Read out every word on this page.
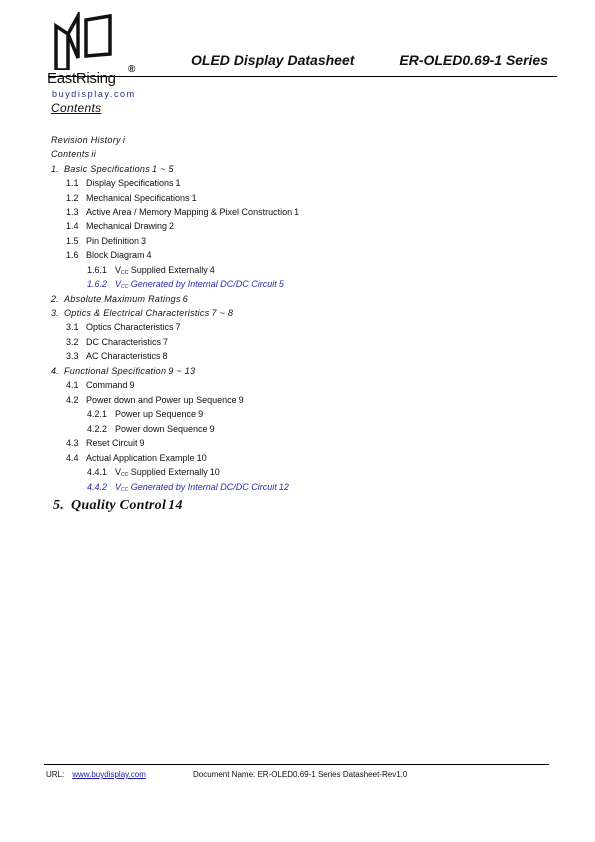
EastRising
®
buydisplay.com
OLED Display Datasheet	ER-OLED0.69-1 Series
Contents
Revision History i
Contents ii
1. Basic Specifications 1 ~ 5
1.1 Display Specifications 1
1.2 Mechanical Specifications 1
1.3 Active Area / Memory Mapping & Pixel Construction 1
1.4 Mechanical Drawing 2
1.5 Pin Definition 3
1.6 Block Diagram 4
1.6.1 $V_{CC}$ Supplied Externally 4
1.6.2 $V_{CC}$ Generated by Internal DC/DC Circuit 5
2. Absolute Maximum Ratings 6
3. Optics & Electrical Characteristics 7 ~ 8
3.1 Optics Characteristics 7
3.2 DC Characteristics 7
3.3 AC Characteristics 8
4. Functional Specification 9 ~ 13
4.1 Command 9
4.2 Power down and Power up Sequence 9
4.2.1 Power up Sequence 9
4.2.2 Power down Sequence 9
4.3 Reset Circuit 9
4.4 Actual Application Example 10
4.4.1 $V_{CC}$ Supplied Externally 10
4.4.2 $V_{CC}$ Generated by Internal DC/DC Circuit 12
5. Quality Control 14
URL: www.buydisplay.com	Document Name: ER-OLED0.69-1 Series Datasheet-Rev1.0
